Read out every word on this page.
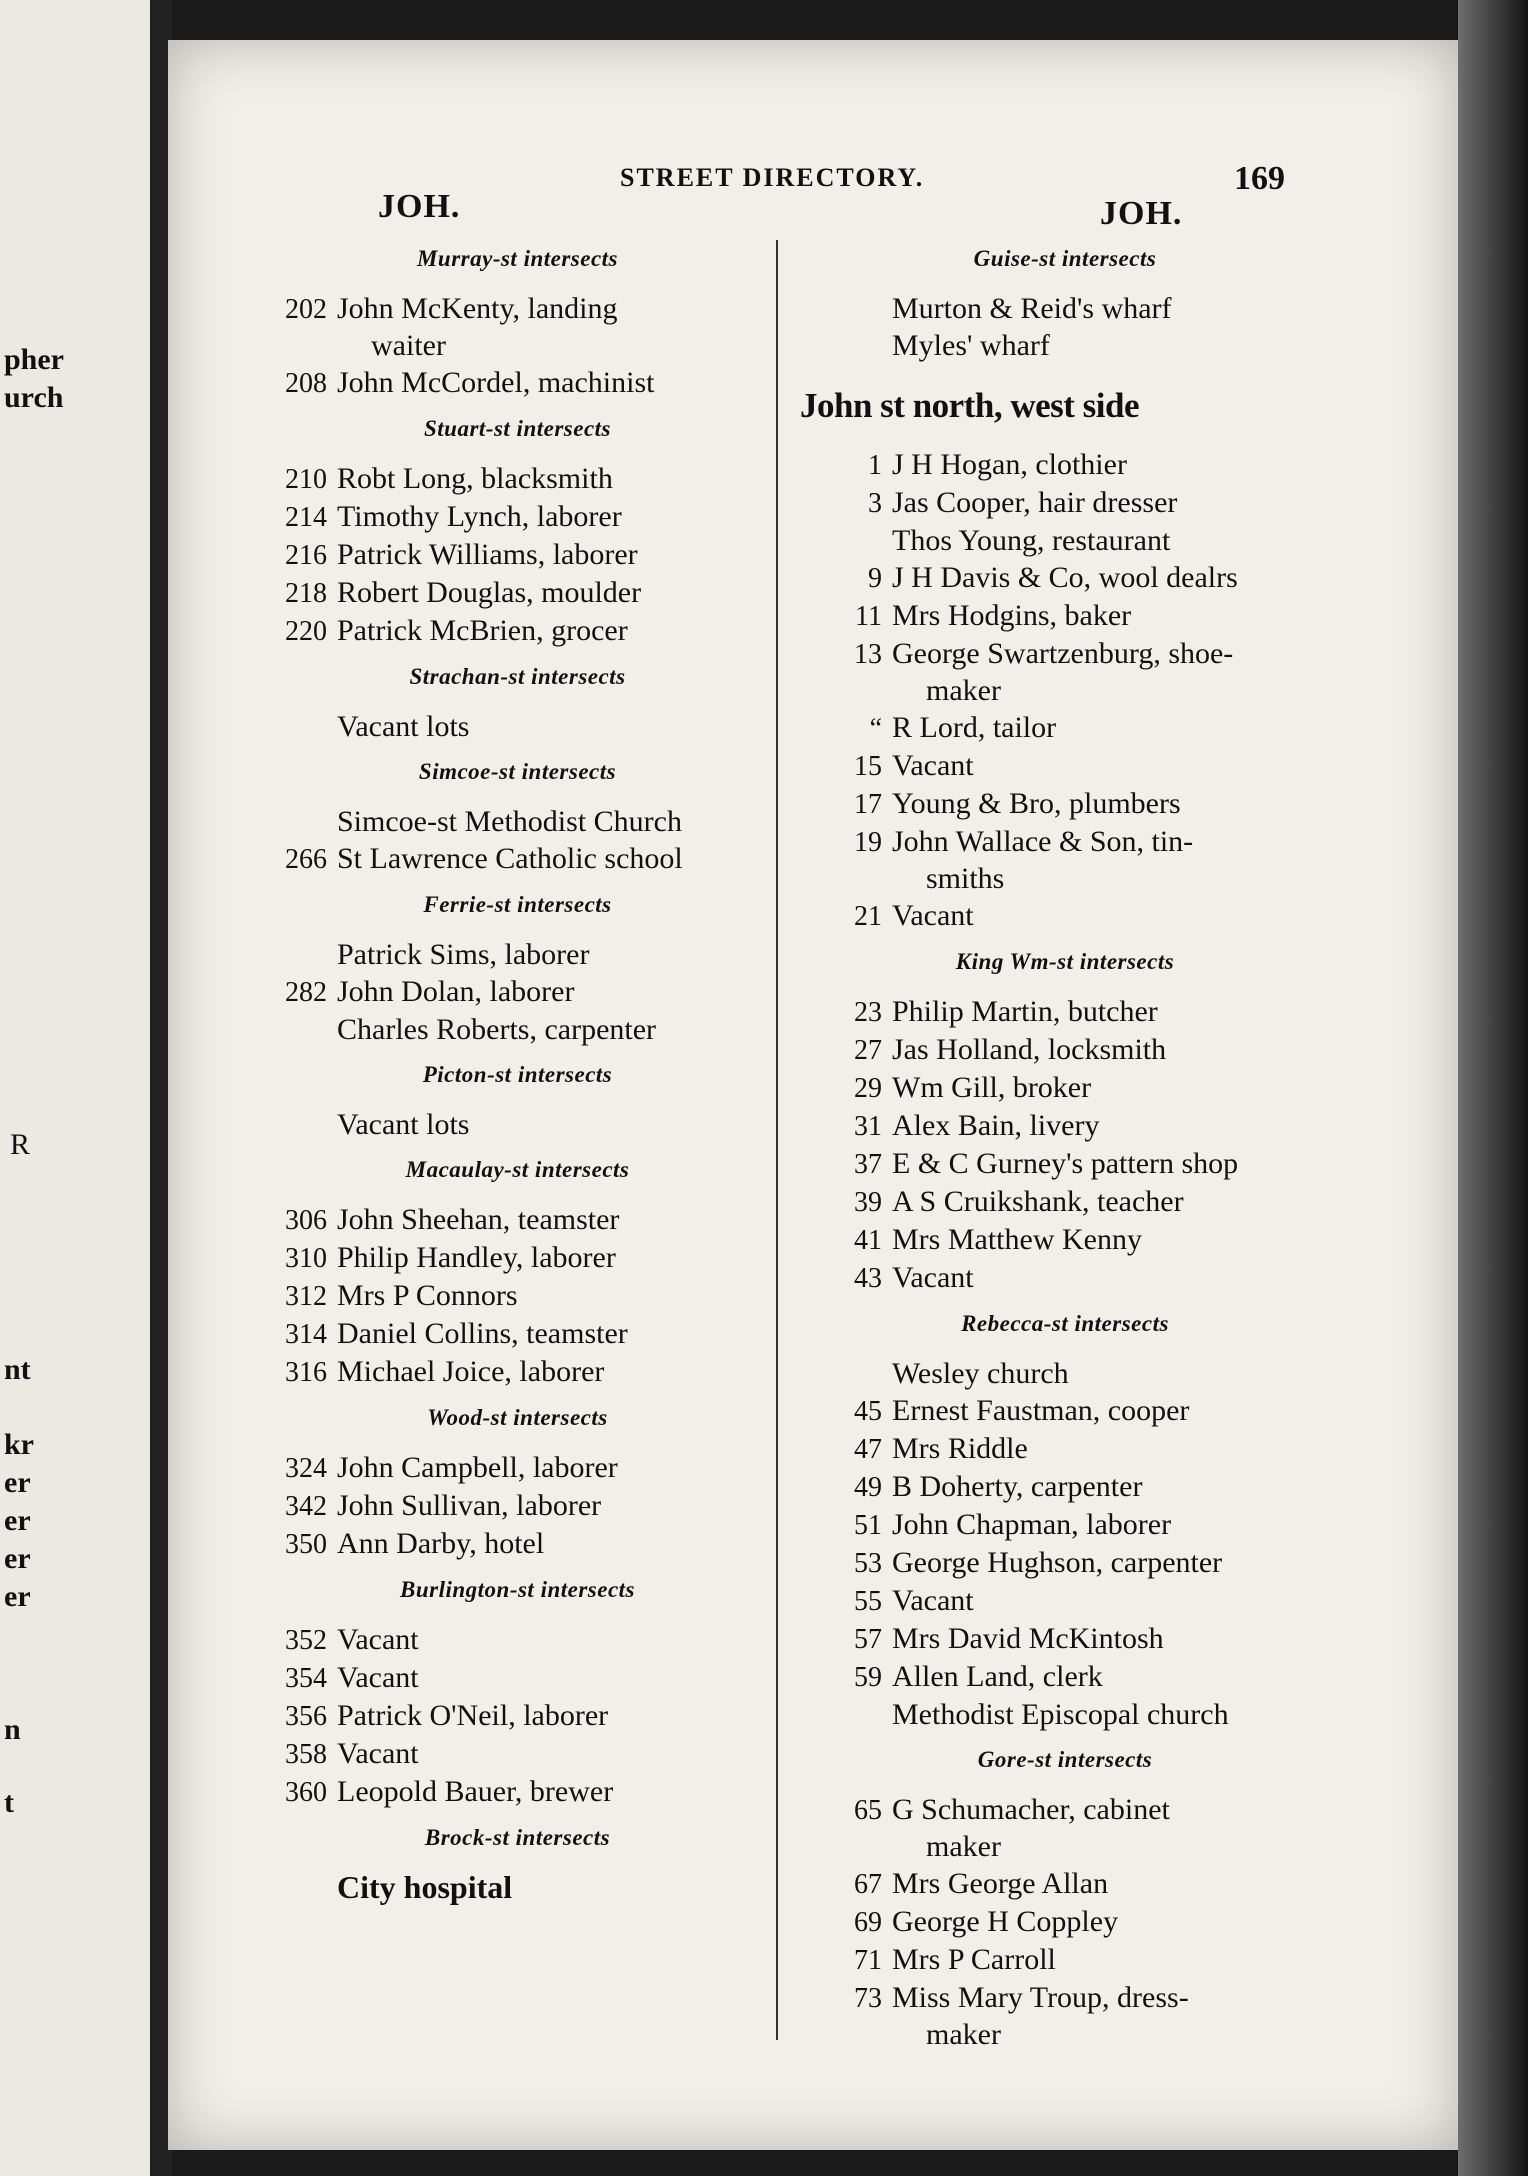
pher
urch
R
nt
kr
er
er
er
er
n
t
STREET DIRECTORY.	169
JOH.	JOH.
Murray-st intersects
202 John McKenty, landing
waiter
208 John McCordel, machinist
Stuart-st intersects
210 Robt Long, blacksmith
214 Timothy Lynch, laborer
216 Patrick Williams, laborer
218 Robert Douglas, moulder
220 Patrick McBrien, grocer
Strachan-st intersects
Vacant lots
Simcoe-st intersects
Simcoe-st Methodist Church
266 St Lawrence Catholic school
Ferrie-st intersects
Patrick Sims, laborer
282 John Dolan, laborer
Charles Roberts, carpenter
Picton-st intersects
Vacant lots
Macaulay-st intersects
306 John Sheehan, teamster
310 Philip Handley, laborer
312 Mrs P Connors
314 Daniel Collins, teamster
316 Michael Joice, laborer
Wood-st intersects
324 John Campbell, laborer
342 John Sullivan, laborer
350 Ann Darby, hotel
Burlington-st intersects
352 Vacant
354 Vacant
356 Patrick O'Neil, laborer
358 Vacant
360 Leopold Bauer, brewer
Brock-st intersects
City hospital
Guise-st intersects
Murton & Reid's wharf
Myles' wharf
John st north, west side
1 J H Hogan, clothier
3 Jas Cooper, hair dresser
Thos Young, restaurant
9 J H Davis & Co, wool dealrs
11 Mrs Hodgins, baker
13 George Swartzenburg, shoe-
maker
“ R Lord, tailor
15 Vacant
17 Young & Bro, plumbers
19 John Wallace & Son, tin-
smiths
21 Vacant
King Wm-st intersects
23 Philip Martin, butcher
27 Jas Holland, locksmith
29 Wm Gill, broker
31 Alex Bain, livery
37 E & C Gurney's pattern shop
39 A S Cruikshank, teacher
41 Mrs Matthew Kenny
43 Vacant
Rebecca-st intersects
Wesley church
45 Ernest Faustman, cooper
47 Mrs Riddle
49 B Doherty, carpenter
51 John Chapman, laborer
53 George Hughson, carpenter
55 Vacant
57 Mrs David McKintosh
59 Allen Land, clerk
Methodist Episcopal church
Gore-st intersects
65 G Schumacher, cabinet
maker
67 Mrs George Allan
69 George H Coppley
71 Mrs P Carroll
73 Miss Mary Troup, dress-
maker
